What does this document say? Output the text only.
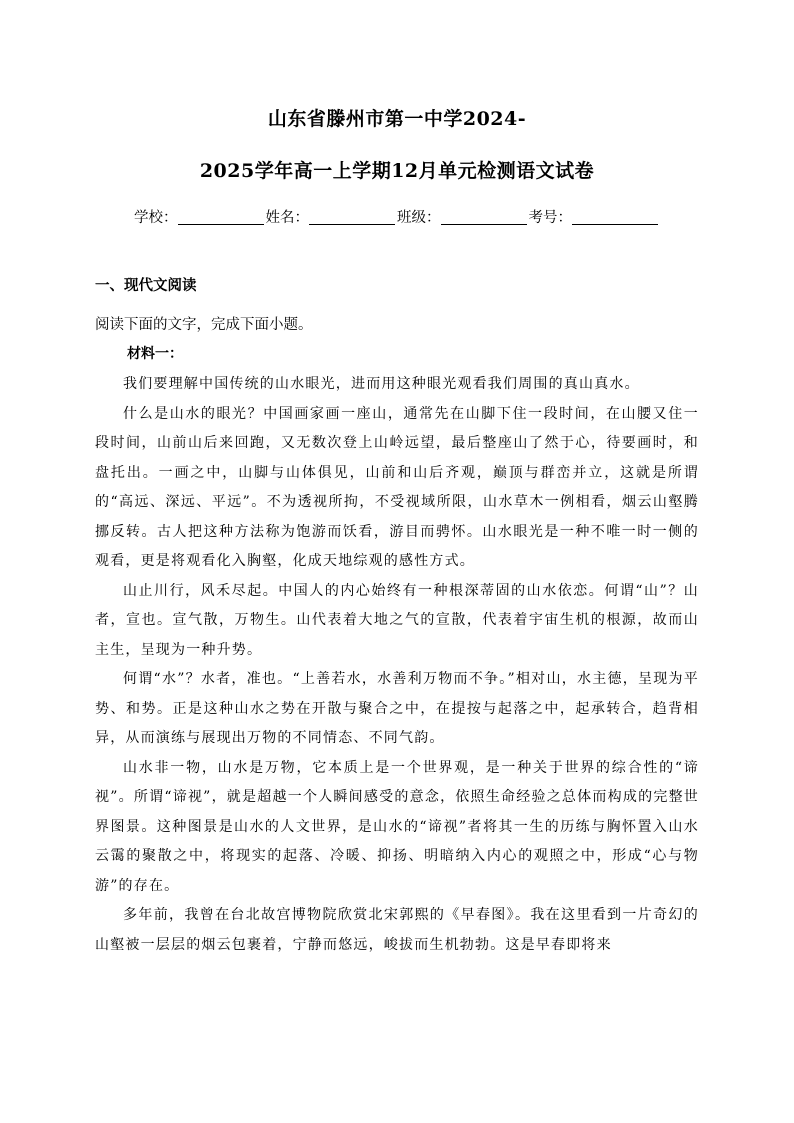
山东省滕州市第一中学2024-
2025学年高一上学期12月单元检测语文试卷
学校：	姓名：	班级：	考号：
一、现代文阅读
阅读下面的文字，完成下面小题。
材料一：

我们要理解中国传统的山水眼光，进而用这种眼光观看我们周围的真山真水。

什么是山水的眼光？中国画家画一座山，通常先在山脚下住一段时间，在山腰又住一段时间，山前山后来回跑，又无数次登上山岭远望，最后整座山了然于心，待要画时，和盘托出。一画之中，山脚与山体俱见，山前和山后齐观，巅顶与群峦并立，这就是所谓的“高远、深远、平远”。不为透视所拘，不受视域所限，山水草木一例相看，烟云山壑腾挪反转。古人把这种方法称为饱游而饫看，游目而骋怀。山水眼光是一种不唯一时一侧的观看，更是将观看化入胸壑，化成天地综观的感性方式。

山止川行，风禾尽起。中国人的内心始终有一种根深蒂固的山水依恋。何谓“山”？山者，宣也。宣气散，万物生。山代表着大地之气的宣散，代表着宇宙生机的根源，故而山主生，呈现为一种升势。

何谓“水”？水者，准也。“上善若水，水善利万物而不争。”相对山，水主德，呈现为平势、和势。正是这种山水之势在开散与聚合之中，在提按与起落之中，起承转合，趋背相异，从而演练与展现出万物的不同情态、不同气韵。

山水非一物，山水是万物，它本质上是一个世界观，是一种关于世界的综合性的“谛视”。所谓“谛视”，就是超越一个人瞬间感受的意念，依照生命经验之总体而构成的完整世界图景。这种图景是山水的人文世界，是山水的“谛视”者将其一生的历练与胸怀置入山水云霭的聚散之中，将现实的起落、冷暖、抑扬、明暗纳入内心的观照之中，形成“心与物游”的存在。

多年前，我曾在台北故宫博物院欣赏北宋郭熙的《早春图》。我在这里看到一片奇幻的山壑被一层层的烟云包裹着，宁静而悠远，峻拔而生机勃勃。这是早春即将来
